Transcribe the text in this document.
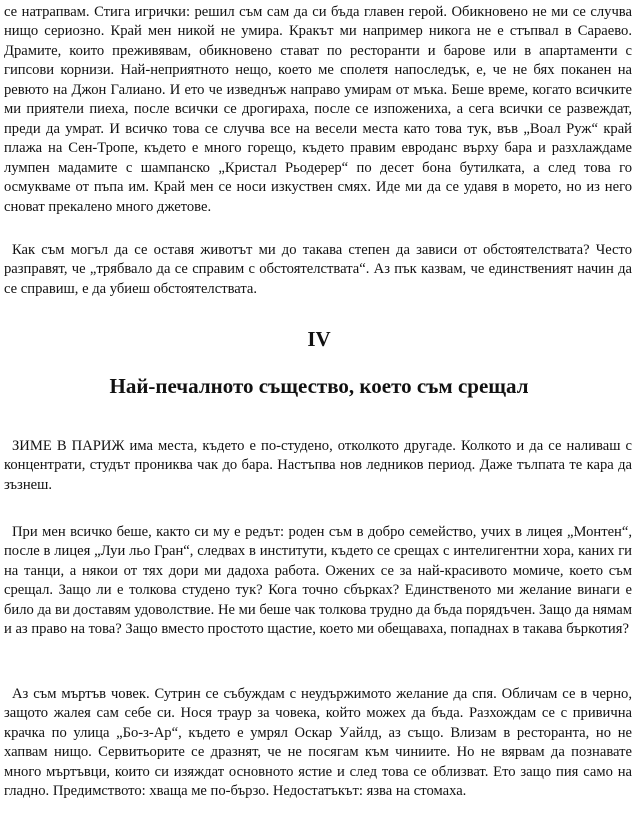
се натрапвам. Стига игрички: решил съм сам да си бъда главен герой. Обикновено не ми се случва нищо сериозно. Край мен никой не умира. Кракът ми например никога не е стъпвал в Сараево. Драмите, които преживявам, обикновено стават по ресторанти и барове или в апартаменти с гипсови корнизи. Най-неприятното нещо, което ме сполетя напоследък, е, че не бях поканен на ревюто на Джон Галиано. И ето че изведнъж направо умирам от мъка. Беше време, когато всичките ми приятели пиеха, после всички се дрогираха, после се изпожениха, а сега всички се развеждат, преди да умрат. И всичко това се случва все на весели места като това тук, във „Воал Руж“ край плажа на Сен-Тропе, където е много горещо, където правим евроданс върху бара и разхлаждаме лумпен мадамите с шампанско „Кристал Рьодерер“ по десет бона бутилката, а след това го осмукваме от пъпа им. Край мен се носи изкуствен смях. Иде ми да се удавя в морето, но из него сноват прекалено много джетове.

Как съм могъл да се оставя животът ми до такава степен да зависи от обстоятелствата? Често разправят, че „трябвало да се справим с обстоятелствата“. Аз пък казвам, че единственият начин да се справиш, е да убиеш обстоятелствата.

IV
Най-печалното същество, което съм срещал

ЗИМЕ В ПАРИЖ има места, където е по-студено, отколкото другаде. Колкото и да се наливаш с концентрати, студът прониква чак до бара. Настъпва нов ледников период. Даже тълпата те кара да зъзнеш.

При мен всичко беше, както си му е редът: роден съм в добро семейство, учих в лицея „Монтен“, после в лицея „Луи льо Гран“, следвах в институти, където се срещах с интелигентни хора, каних ги на танци, а някои от тях дори ми дадоха работа. Ожених се за най-красивото момиче, което съм срещал. Защо ли е толкова студено тук? Кога точно сбърках? Единственото ми желание винаги е било да ви доставям удоволствие. Не ми беше чак толкова трудно да бъда порядъчен. Защо да нямам и аз право на това? Защо вместо простото щастие, което ми обещаваха, попаднах в такава бъркотия?

Аз съм мъртъв човек. Сутрин се събуждам с неудържимото желание да спя. Обличам се в черно, защото жалея сам себе си. Нося траур за човека, който можех да бъда. Разхождам се с привична крачка по улица „Бо-з-Ар“, където е умрял Оскар Уайлд, аз също. Влизам в ресторанта, но не хапвам нищо. Сервитьорите се дразнят, че не посягам към чиниите. Но не вярвам да познавате много мъртъвци, които си изяждат основното ястие и след това се облизват. Ето защо пия само на гладно. Предимството: хваща ме по-бързо. Недостатъкът: язва на стомаха.
